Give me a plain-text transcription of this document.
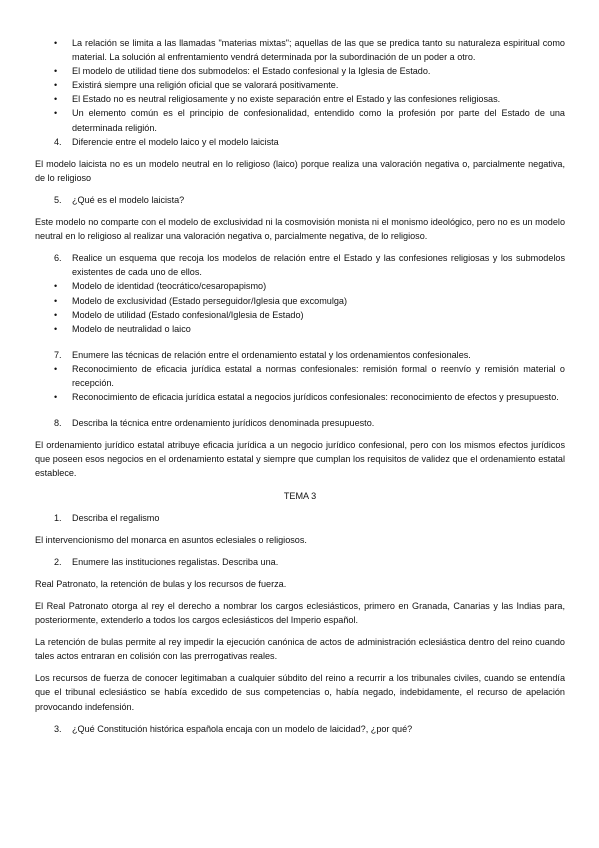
• La relación se limita a las llamadas "materias mixtas"; aquellas de las que se predica tanto su naturaleza espiritual como material. La solución al enfrentamiento vendrá determinada por la subordinación de un poder a otro.
• El modelo de utilidad tiene dos submodelos: el Estado confesional y la Iglesia de Estado.
• Existirá siempre una religión oficial que se valorará positivamente.
• El Estado no es neutral religiosamente y no existe separación entre el Estado y las confesiones religiosas.
• Un elemento común es el principio de confesionalidad, entendido como la profesión por parte del Estado de una determinada religión.
4. Diferencie entre el modelo laico y el modelo laicista

El modelo laicista no es un modelo neutral en lo religioso (laico) porque realiza una valoración negativa o, parcialmente negativa, de lo religioso

5. ¿Qué es el modelo laicista?

Este modelo no comparte con el modelo de exclusividad ni la cosmovisión monista ni el monismo ideológico, pero no es un modelo neutral en lo religioso al realizar una valoración negativa o, parcialmente negativa, de lo religioso.

6. Realice un esquema que recoja los modelos de relación entre el Estado y las confesiones religiosas y los submodelos existentes de cada uno de ellos.
• Modelo de identidad (teocrático/cesaropapismo)
• Modelo de exclusividad (Estado perseguidor/Iglesia que excomulga)
• Modelo de utilidad (Estado confesional/Iglesia de Estado)
• Modelo de neutralidad o laico
7. Enumere las técnicas de relación entre el ordenamiento estatal y los ordenamientos confesionales.
• Reconocimiento de eficacia jurídica estatal a normas confesionales: remisión formal o reenvío y remisión material o recepción.
• Reconocimiento de eficacia jurídica estatal a negocios jurídicos confesionales: reconocimiento de efectos y presupuesto.
8. Describa la técnica entre ordenamiento jurídicos denominada presupuesto.

El ordenamiento jurídico estatal atribuye eficacia jurídica a un negocio jurídico confesional, pero con los mismos efectos jurídicos que poseen esos negocios en el ordenamiento estatal y siempre que cumplan los requisitos de validez que el ordenamiento estatal establece.

TEMA 3

1. Describa el regalismo

El intervencionismo del monarca en asuntos eclesiales o religiosos.

2. Enumere las instituciones regalistas. Describa una.

Real Patronato, la retención de bulas y los recursos de fuerza.

El Real Patronato otorga al rey el derecho a nombrar los cargos eclesiásticos, primero en Granada, Canarias y las Indias para, posteriormente, extenderlo a todos los cargos eclesiásticos del Imperio español.

La retención de bulas permite al rey impedir la ejecución canónica de actos de administración eclesiástica dentro del reino cuando tales actos entraran en colisión con las prerrogativas reales.

Los recursos de fuerza de conocer legitimaban a cualquier súbdito del reino a recurrir a los tribunales civiles, cuando se entendía que el tribunal eclesiástico se había excedido de sus competencias o, había negado, indebidamente, el recurso de apelación provocando indefensión.

3. ¿Qué Constitución histórica española encaja con un modelo de laicidad?, ¿por qué?
